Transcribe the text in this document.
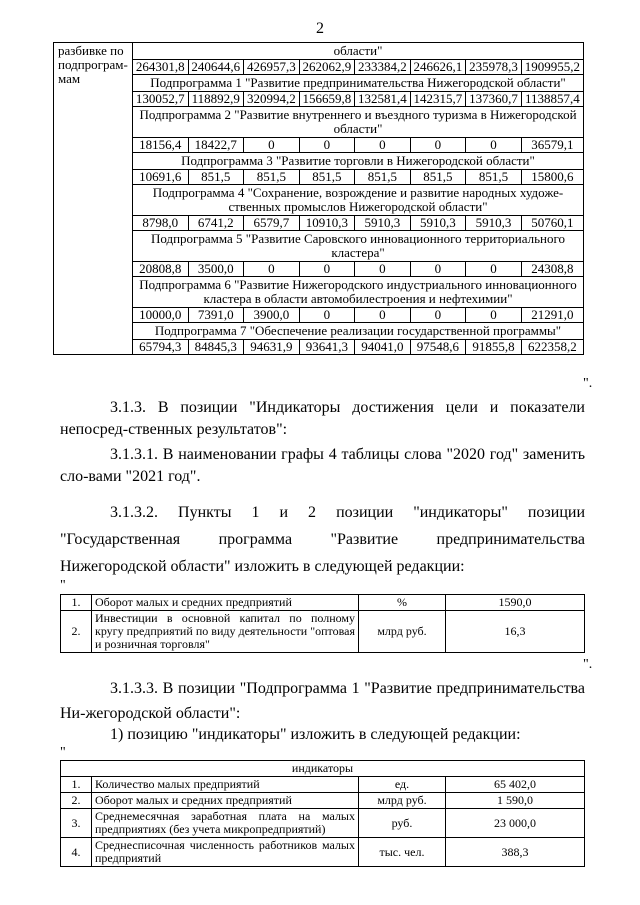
2
разбивке по подпрограм-мам	области"							
	264301,8	240644,6	426957,3	262062,9	233384,2	246626,1	235978,3	1909955,2
	Подпрограмма 1 "Развитие предпринимательства Нижегородской области"							
	130052,7	118892,9	320994,2	156659,8	132581,4	142315,7	137360,7	1138857,4
	Подпрограмма 2 "Развитие внутреннего и въездного туризма в Нижегородской области"							
	18156,4	18422,7	0	0	0	0	0	36579,1
	Подпрограмма 3 "Развитие торговли в Нижегородской области"							
	10691,6	851,5	851,5	851,5	851,5	851,5	851,5	15800,6
	Подпрограмма 4 "Сохранение, возрождение и развитие народных художе-ственных промыслов Нижегородской области"							
	8798,0	6741,2	6579,7	10910,3	5910,3	5910,3	5910,3	50760,1
	Подпрограмма 5 "Развитие Саровского инновационного территориального кластера"							
	20808,8	3500,0	0	0	0	0	0	24308,8
	Подпрограмма 6 "Развитие Нижегородского индустриального инновационного кластера в области автомобилестроения и нефтехимии"							
	10000,0	7391,0	3900,0	0	0	0	0	21291,0
	Подпрограмма 7 "Обеспечение реализации государственной программы"							
	65794,3	84845,3	94631,9	93641,3	94041,0	97548,6	91855,8	622358,2
".

3.1.3. В позиции "Индикаторы достижения цели и показатели непосред-ственных результатов":

3.1.3.1. В наименовании графы 4 таблицы слова "2020 год" заменить сло-вами "2021 год".

3.1.3.2. Пункты 1 и 2 позиции "индикаторы" позиции "Государственная программа "Развитие предпринимательства Нижегородской области" изложить в следующей редакции:

"
1.	Оборот малых и средних предприятий	%	1590,0
2.	Инвестиции в основной капитал по полному кругу предприятий по виду деятельности "оптовая и розничная торговля"	млрд руб.	16,3
".

3.1.3.3. В позиции "Подпрограмма 1 "Развитие предпринимательства Ни-жегородской области":

1) позицию "индикаторы" изложить в следующей редакции:

"
индикаторы			
1.	Количество малых предприятий	ед.	65 402,0
2.	Оборот малых и средних предприятий	млрд руб.	1 590,0
3.	Среднемесячная заработная плата на малых предприятиях (без учета микропредприятий)	руб.	23 000,0
4.	Среднесписочная численность работников малых предприятий	тыс. чел.	388,3
